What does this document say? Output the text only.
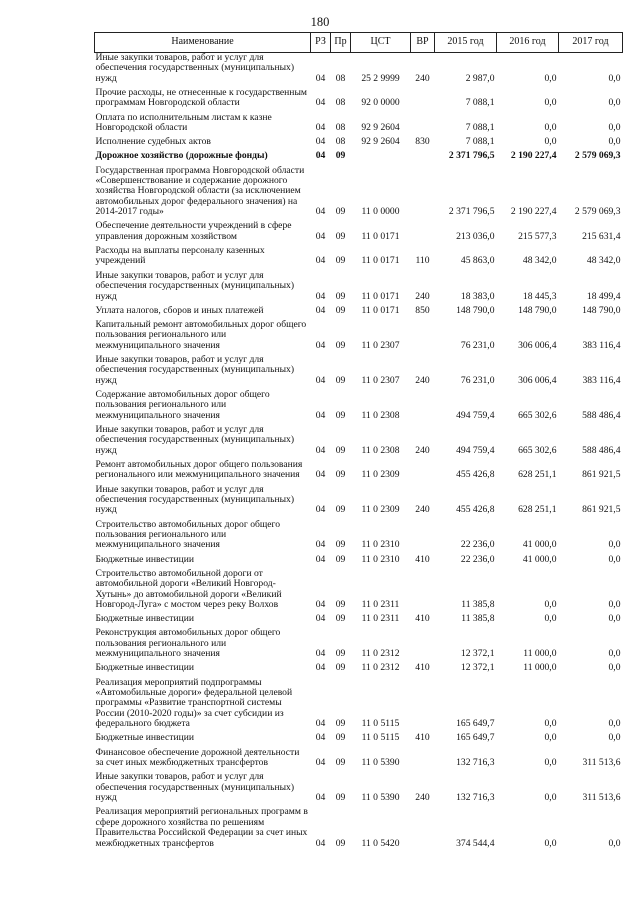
180
Наименование	РЗ	Пр	ЦСТ	ВР	2015 год	2016 год	2017 год
Иные закупки товаров, работ и услуг для обеспечения государственных (муниципальных) нужд	04	08	25 2 9999	240	2 987,0	0,0	0,0
Прочие расходы, не отнесенные к государственным программам Новгородской области	04	08	92 0 0000		7 088,1	0,0	0,0
Оплата по исполнительным листам к казне Новгородской области	04	08	92 9 2604		7 088,1	0,0	0,0
Исполнение судебных актов	04	08	92 9 2604	830	7 088,1	0,0	0,0
Дорожное хозяйство (дорожные фонды)	04	09			2 371 796,5	2 190 227,4	2 579 069,3
Государственная программа Новгородской области «Совершенствование и содержание дорожного хозяйства Новгородской области (за исключением автомобильных дорог федерального значения) на 2014-2017 годы»	04	09	11 0 0000		2 371 796,5	2 190 227,4	2 579 069,3
Обеспечение деятельности учреждений в сфере управления дорожным хозяйством	04	09	11 0 0171		213 036,0	215 577,3	215 631,4
Расходы на выплаты персоналу казенных учреждений	04	09	11 0 0171	110	45 863,0	48 342,0	48 342,0
Иные закупки товаров, работ и услуг для обеспечения государственных (муниципальных) нужд	04	09	11 0 0171	240	18 383,0	18 445,3	18 499,4
Уплата налогов, сборов и иных платежей	04	09	11 0 0171	850	148 790,0	148 790,0	148 790,0
Капитальный ремонт автомобильных дорог общего пользования регионального или межмуниципального значения	04	09	11 0 2307		76 231,0	306 006,4	383 116,4
Иные закупки товаров, работ и услуг для обеспечения государственных (муниципальных) нужд	04	09	11 0 2307	240	76 231,0	306 006,4	383 116,4
Содержание автомобильных дорог общего пользования регионального или межмуниципального значения	04	09	11 0 2308		494 759,4	665 302,6	588 486,4
Иные закупки товаров, работ и услуг для обеспечения государственных (муниципальных) нужд	04	09	11 0 2308	240	494 759,4	665 302,6	588 486,4
Ремонт автомобильных дорог общего пользования регионального или межмуниципального значения	04	09	11 0 2309		455 426,8	628 251,1	861 921,5
Иные закупки товаров, работ и услуг для обеспечения государственных (муниципальных) нужд	04	09	11 0 2309	240	455 426,8	628 251,1	861 921,5
Строительство автомобильных дорог общего пользования регионального или межмуниципального значения	04	09	11 0 2310		22 236,0	41 000,0	0,0
Бюджетные инвестиции	04	09	11 0 2310	410	22 236,0	41 000,0	0,0
Строительство автомобильной дороги от автомобильной дороги «Великий Новгород-Хутынь» до автомобильной дороги «Великий Новгород-Луга» с мостом через реку Волхов	04	09	11 0 2311		11 385,8	0,0	0,0
Бюджетные инвестиции	04	09	11 0 2311	410	11 385,8	0,0	0,0
Реконструкция автомобильных дорог общего пользования регионального или межмуниципального значения	04	09	11 0 2312		12 372,1	11 000,0	0,0
Бюджетные инвестиции	04	09	11 0 2312	410	12 372,1	11 000,0	0,0
Реализация мероприятий подпрограммы «Автомобильные дороги» федеральной целевой программы «Развитие транспортной системы России (2010-2020 годы)» за счет субсидии из федерального бюджета	04	09	11 0 5115		165 649,7	0,0	0,0
Бюджетные инвестиции	04	09	11 0 5115	410	165 649,7	0,0	0,0
Финансовое обеспечение дорожной деятельности за счет иных межбюджетных трансфертов	04	09	11 0 5390		132 716,3	0,0	311 513,6
Иные закупки товаров, работ и услуг для обеспечения государственных (муниципальных) нужд	04	09	11 0 5390	240	132 716,3	0,0	311 513,6
Реализация мероприятий региональных программ в сфере дорожного хозяйства по решениям Правительства Российской Федерации за счет иных межбюджетных трансфертов	04	09	11 0 5420		374 544,4	0,0	0,0
